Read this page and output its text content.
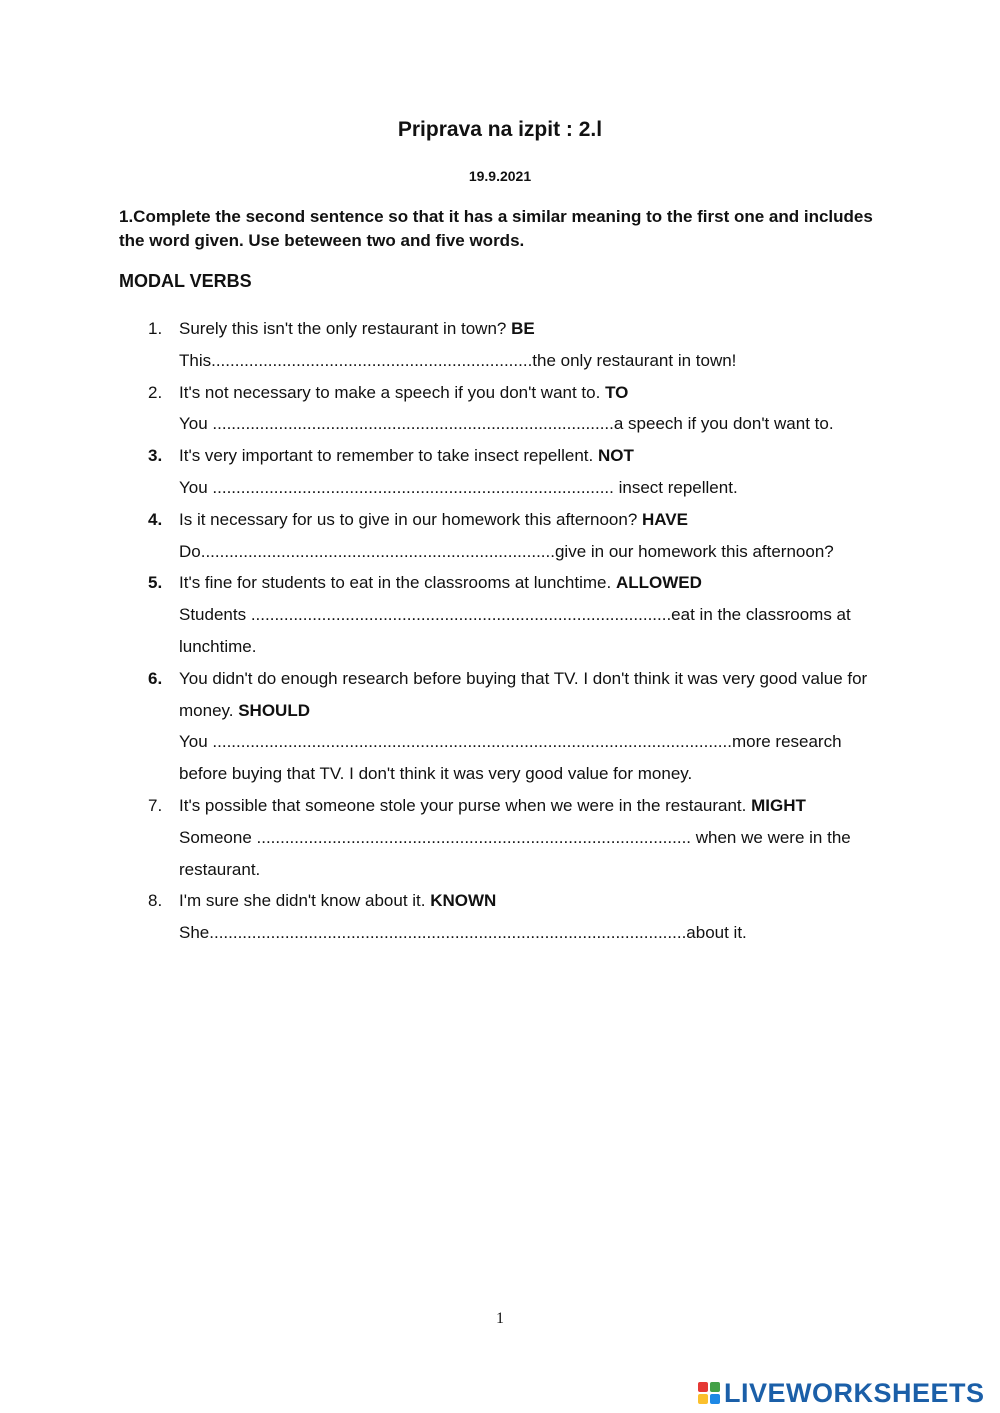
Priprava na izpit : 2.l
19.9.2021
1.Complete the second sentence so that it has a similar meaning to the first one and includes the word given. Use beteween two and five words.
MODAL VERBS
1. Surely this isn't the only restaurant in town? BE
This....................................................................the only restaurant in town!
2. It's not necessary to make a speech if you don't want to. TO
You .....................................................................................a speech if you don't want to.
3. It's very important to remember to take insect repellent. NOT
You ..................................................................................... insect repellent.
4. Is it necessary for us to give in our homework this afternoon? HAVE
Do...........................................................................give in our homework this afternoon?
5. It's fine for students to eat in the classrooms at lunchtime. ALLOWED
Students .........................................................................................eat in the classrooms at lunchtime.
6. You didn't do enough research before buying that TV. I don't think it was very good value for money. SHOULD
You ..............................................................................................................more research before buying that TV. I don't think it was very good value for money.
7. It's possible that someone stole your purse when we were in the restaurant. MIGHT
Someone ............................................................................................ when we were in the restaurant.
8. I'm sure she didn't know about it. KNOWN
She.....................................................................................................about it.
1
LIVEWORKSHEETS
